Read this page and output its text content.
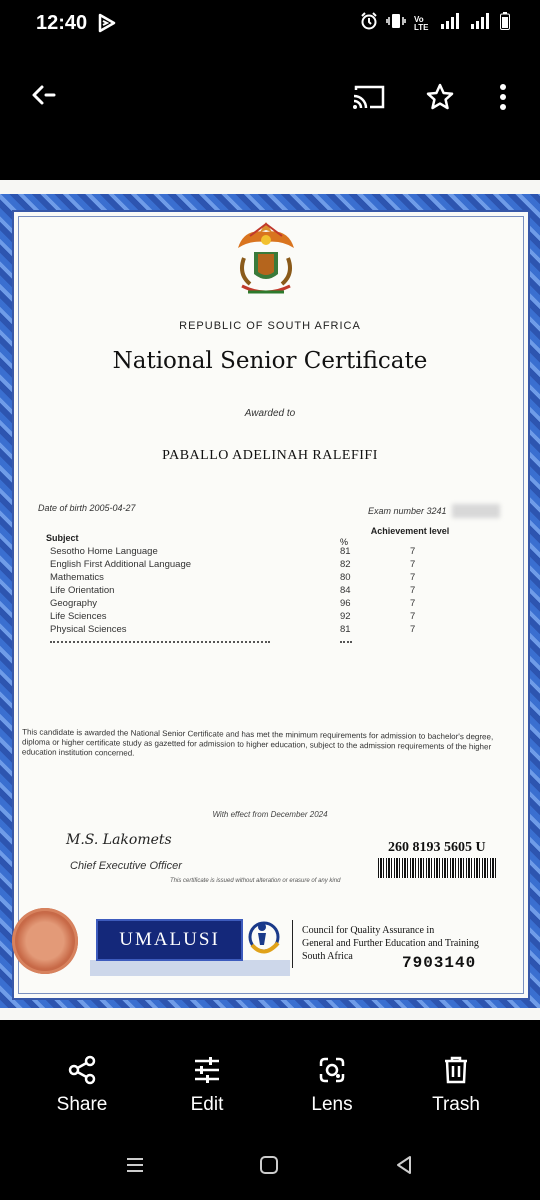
12:40	Vo LTE
REPUBLIC OF SOUTH AFRICA
National Senior Certificate
Awarded to
PABALLO ADELINAH RALEFIFI
Date of birth 2005-04-27	Exam number 3241
Achievement level
Subject	%
Sesotho Home Language	81	7
English First Additional Language	82	7
Mathematics	80	7
Life Orientation	84	7
Geography	96	7
Life Sciences	92	7
Physical Sciences	81	7
This candidate is awarded the National Senior Certificate and has met the minimum requirements for admission to bachelor's degree, diploma or higher certificate study as gazetted for admission to higher education, subject to the admission requirements of the higher education institution concerned.
With effect from December 2024
M.S. Lakomets
Chief Executive Officer
This certificate is issued without alteration or erasure of any kind
260 8193 5605 U
UMALUSI	Council for Quality Assurance in
General and Further Education and Training
South Africa	7903140
Share	Edit	Lens	Trash
